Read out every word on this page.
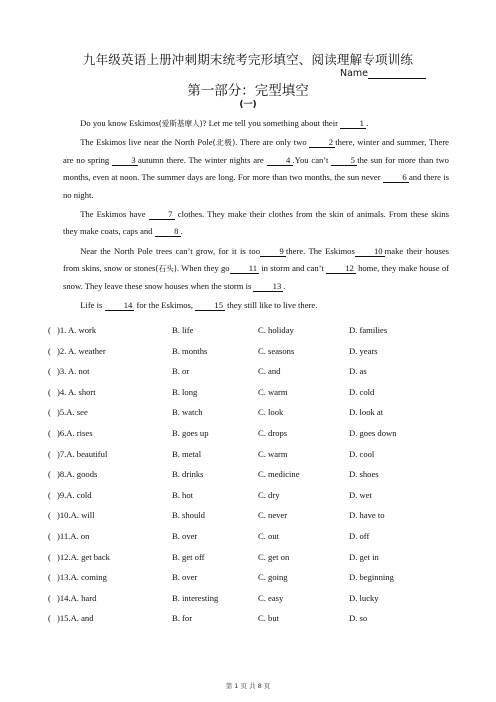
九年级英语上册冲刺期末统考完形填空、阅读理解专项训练
Name
第一部分：完型填空
(一)

Do you know Eskimos(爱斯基摩人)? Let me tell you something about their	1 .

The Eskimos live near the North Pole(北极). There are only two	2 there, winter and summer, There are no spring	3 autumn there. The winter nights are	4 .You can’t	5 the sun for more than two months, even at noon. The summer days are long. For more than two months, the sun never	6 and there is no night.

The Eskimos have	7 clothes. They make their clothes from the skin of animals. From these skins they make coats, caps and	8 .

Near the North Pole trees can’t grow, for it is too 9 there. The Eskimos 10 make their houses from skins, snow or stones(石头). When they go 11 in storm and can’t 12 home, they make house of snow. They leave these snow houses when the storm is 13 .

Life is 14 for the Eskimos, 15 they still like to live there.

( )1. A. work	B. life	C. holiday	D. families
( )2. A. weather	B. months	C. seasons	D. years
( )3. A. not	B. or	C. and	D. as
( )4. A. short	B. long	C. warm	D. cold
( )5.A. see	B. watch	C. look	D. look at
( )6.A. rises	B. goes up	C. drops	D. goes down
( )7.A. beautiful	B. metal	C. warm	D. cool
( )8.A. goods	B. drinks	C. medicine	D. shoes
( )9.A. cold	B. hot	C. dry	D. wet
( )10.A. will	B. should	C. never	D. have to
( )11.A. on	B. over	C. out	D. off
( )12.A. get back	B. get off	C. get on	D. get in
( )13.A. coming	B. over	C. going	D. beginning
( )14.A. hard	B. interesting	C. easy	D. lucky
( )15.A. and	B. for	C. but	D. so
第 1 页 共 8 页
